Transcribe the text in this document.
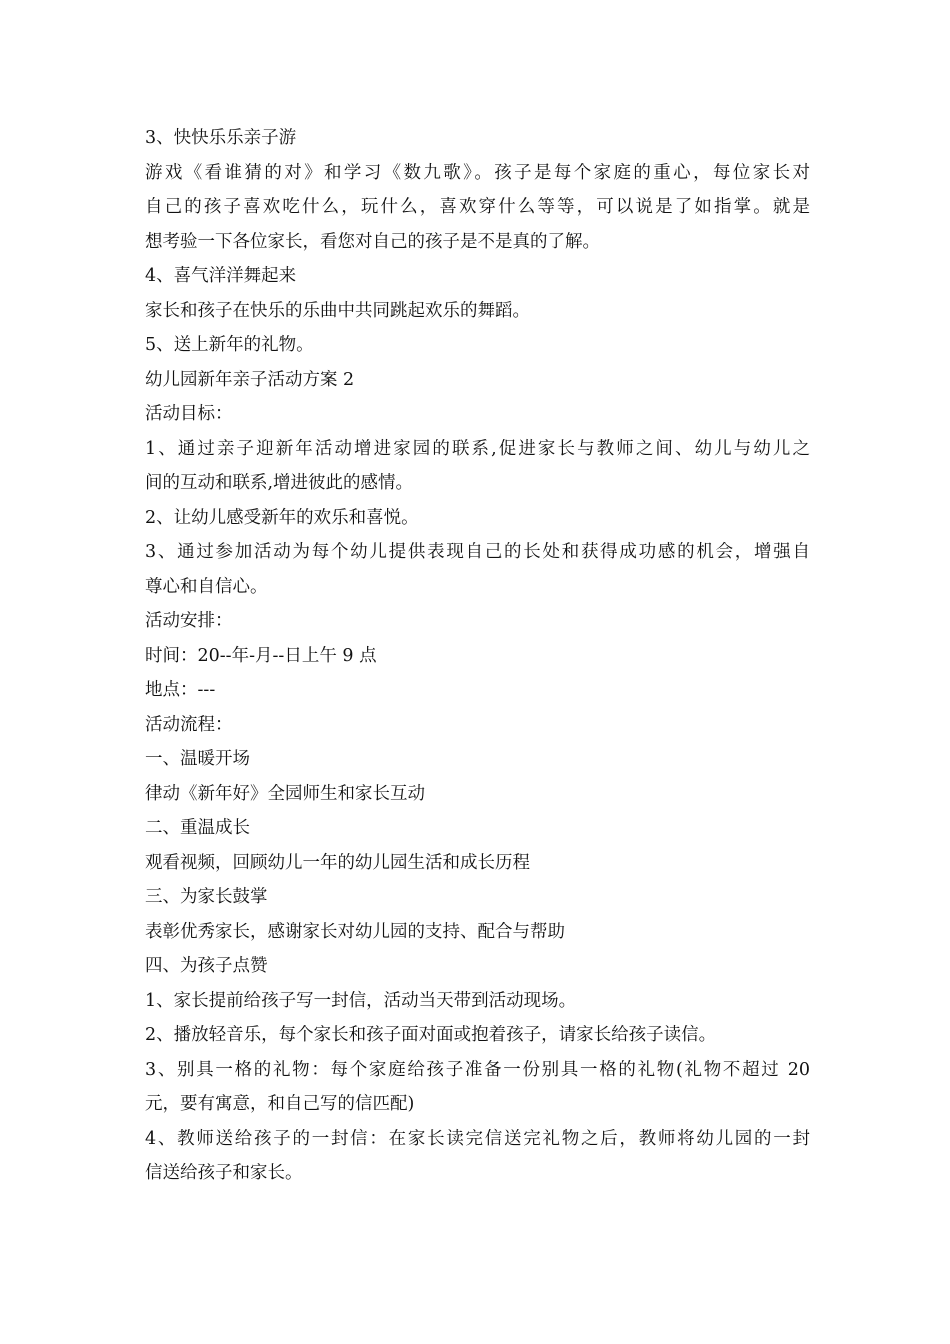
3、快快乐乐亲子游
游戏《看谁猜的对》和学习《数九歌》。孩子是每个家庭的重心，每位家长对
自己的孩子喜欢吃什么，玩什么，喜欢穿什么等等，可以说是了如指掌。就是
想考验一下各位家长，看您对自己的孩子是不是真的了解。
4、喜气洋洋舞起来
家长和孩子在快乐的乐曲中共同跳起欢乐的舞蹈。
5、送上新年的礼物。
幼儿园新年亲子活动方案 2
活动目标：
1、通过亲子迎新年活动增进家园的联系,促进家长与教师之间、幼儿与幼儿之
间的互动和联系,增进彼此的感情。
2、让幼儿感受新年的欢乐和喜悦。
3、通过参加活动为每个幼儿提供表现自己的长处和获得成功感的机会，增强自
尊心和自信心。
活动安排：
时间：20--年-月--日上午 9 点
地点：---
活动流程：
一、温暖开场
律动《新年好》全园师生和家长互动
二、重温成长
观看视频，回顾幼儿一年的幼儿园生活和成长历程
三、为家长鼓掌
表彰优秀家长，感谢家长对幼儿园的支持、配合与帮助
四、为孩子点赞
1、家长提前给孩子写一封信，活动当天带到活动现场。
2、播放轻音乐，每个家长和孩子面对面或抱着孩子，请家长给孩子读信。
3、别具一格的礼物：每个家庭给孩子准备一份别具一格的礼物(礼物不超过 20
元，要有寓意，和自己写的信匹配)
4、教师送给孩子的一封信：在家长读完信送完礼物之后，教师将幼儿园的一封
信送给孩子和家长。
